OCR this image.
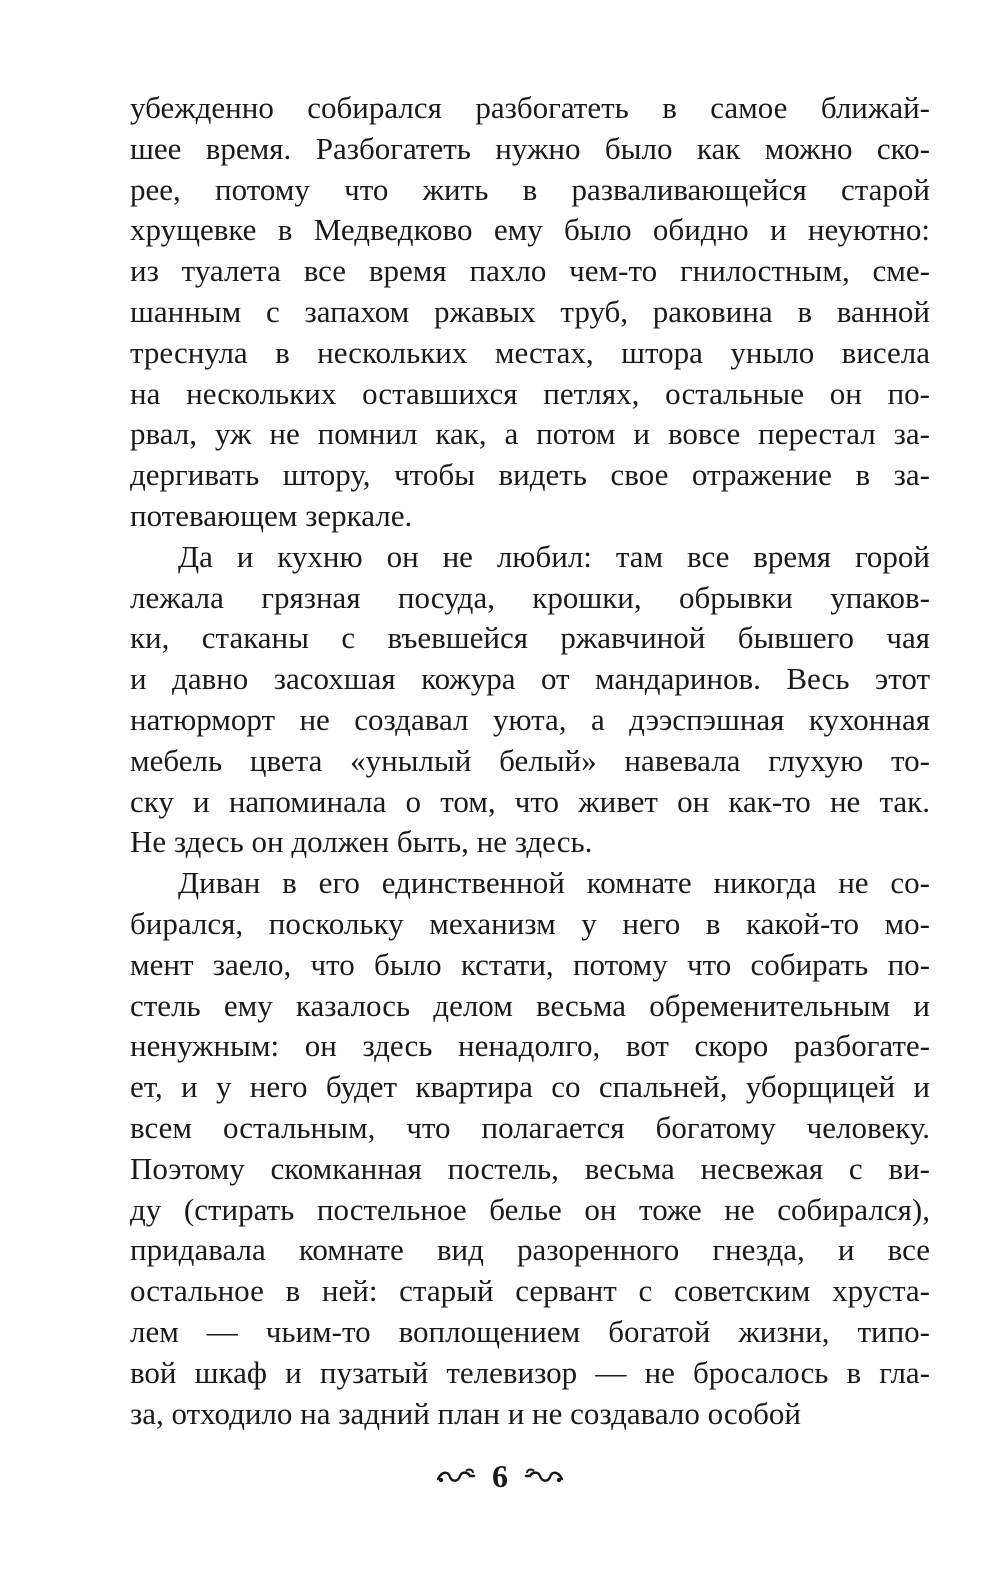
убежденно собирался разбогатеть в самое ближай-
шее время. Разбогатеть нужно было как можно ско-
рее, потому что жить в разваливающейся старой
хрущевке в Медведково ему было обидно и неуютно:
из туалета все время пахло чем-то гнилостным, сме-
шанным с запахом ржавых труб, раковина в ванной
треснула в нескольких местах, штора уныло висела
на нескольких оставшихся петлях, остальные он по-
рвал, уж не помнил как, а потом и вовсе перестал за-
дергивать штору, чтобы видеть свое отражение в за-
потевающем зеркале.
Да и кухню он не любил: там все время горой
лежала грязная посуда, крошки, обрывки упаков-
ки, стаканы с въевшейся ржавчиной бывшего чая
и давно засохшая кожура от мандаринов. Весь этот
натюрморт не создавал уюта, а дээспэшная кухонная
мебель цвета «унылый белый» навевала глухую то-
ску и напоминала о том, что живет он как-то не так.
Не здесь он должен быть, не здесь.
Диван в его единственной комнате никогда не со-
бирался, поскольку механизм у него в какой-то мо-
мент заело, что было кстати, потому что собирать по-
стель ему казалось делом весьма обременительным и
ненужным: он здесь ненадолго, вот скоро разбогате-
ет, и у него будет квартира со спальней, уборщицей и
всем остальным, что полагается богатому человеку.
Поэтому скомканная постель, весьма несвежая с ви-
ду (стирать постельное белье он тоже не собирался),
придавала комнате вид разоренного гнезда, и все
остальное в ней: старый сервант с советским хруста-
лем — чьим-то воплощением богатой жизни, типо-
вой шкаф и пузатый телевизор — не бросалось в гла-
за, отходило на задний план и не создавало особой
6
